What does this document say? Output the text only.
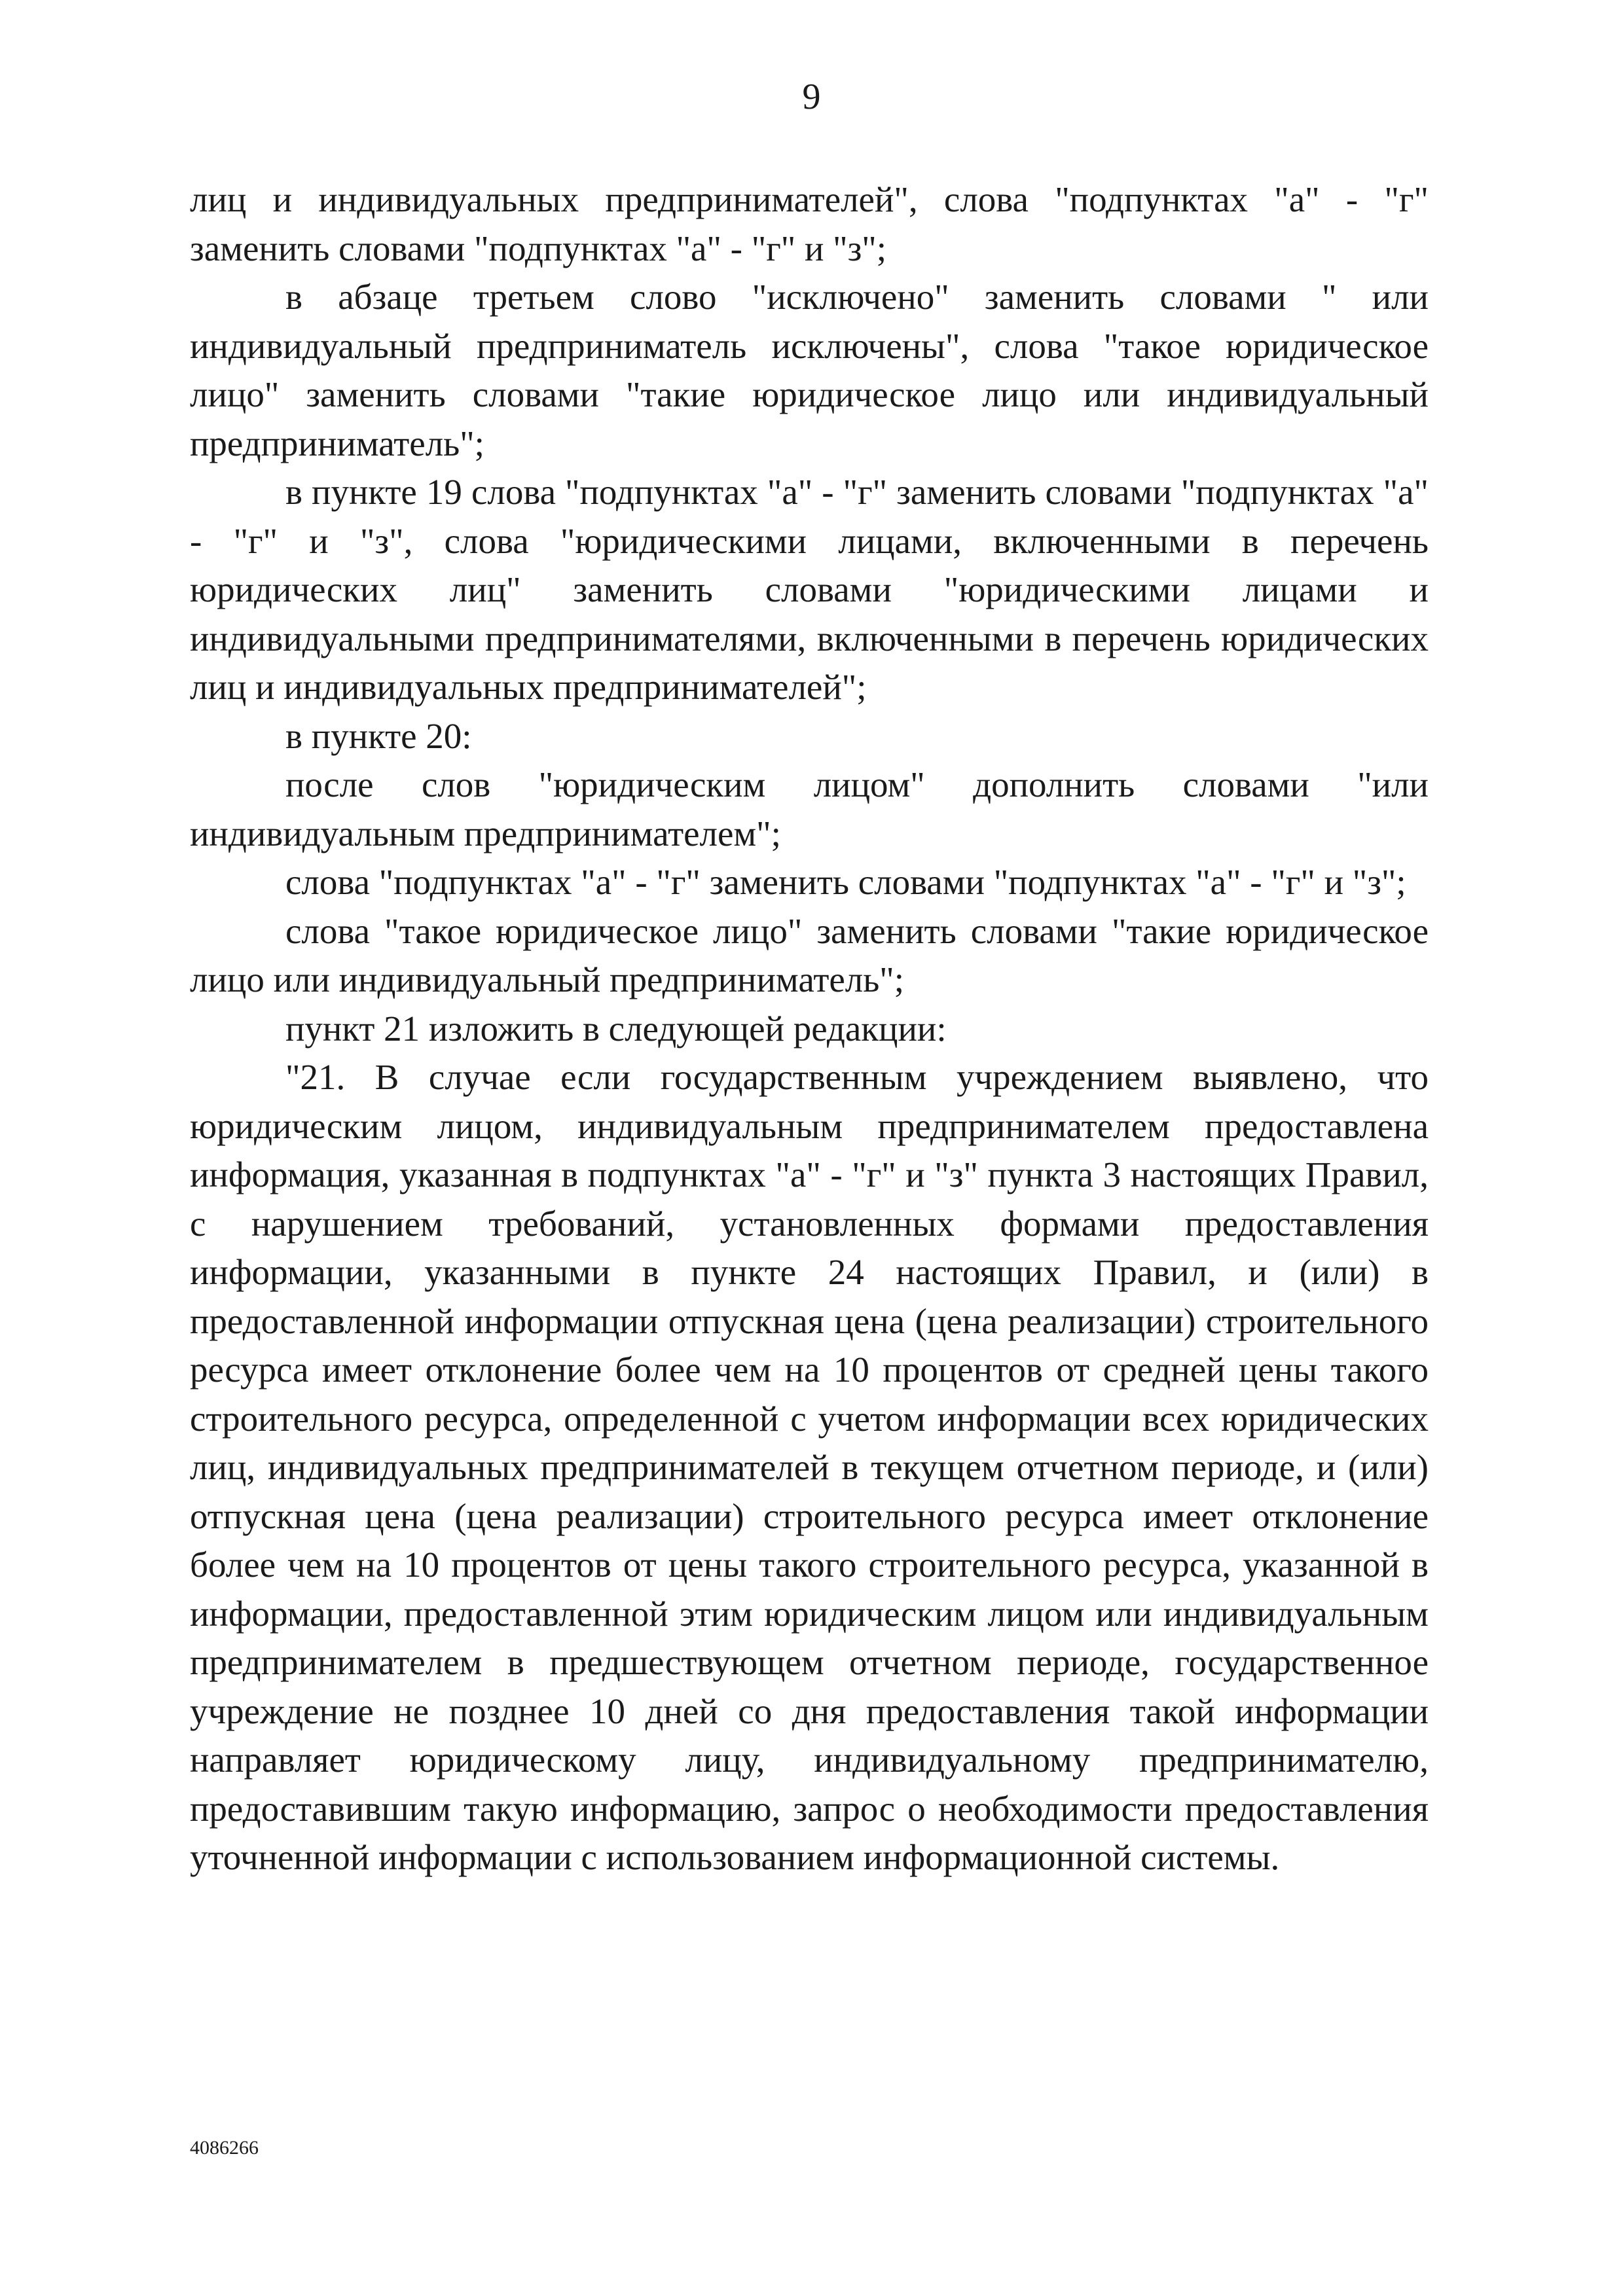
9

лиц и индивидуальных предпринимателей", слова "подпунктах "а" - "г" заменить словами "подпунктах "а" - "г" и "з";

в абзаце третьем слово "исключено" заменить словами " или индивидуальный предприниматель исключены", слова "такое юридическое лицо" заменить словами "такие юридическое лицо или индивидуальный предприниматель";

в пункте 19 слова "подпунктах "а" - "г" заменить словами "подпунктах "а" - "г" и "з", слова "юридическими лицами, включенными в перечень юридических лиц" заменить словами "юридическими лицами и индивидуальными предпринимателями, включенными в перечень юридических лиц и индивидуальных предпринимателей";

в пункте 20:

после слов "юридическим лицом" дополнить словами "или индивидуальным предпринимателем";

слова "подпунктах "а" - "г" заменить словами "подпунктах "а" - "г" и "з";

слова "такое юридическое лицо" заменить словами "такие юридическое лицо или индивидуальный предприниматель";

пункт 21 изложить в следующей редакции:

"21. В случае если государственным учреждением выявлено, что юридическим лицом, индивидуальным предпринимателем предоставлена информация, указанная в подпунктах "а" - "г" и "з" пункта 3 настоящих Правил, с нарушением требований, установленных формами предоставления информации, указанными в пункте 24 настоящих Правил, и (или) в предоставленной информации отпускная цена (цена реализации) строительного ресурса имеет отклонение более чем на 10 процентов от средней цены такого строительного ресурса, определенной с учетом информации всех юридических лиц, индивидуальных предпринимателей в текущем отчетном периоде, и (или) отпускная цена (цена реализации) строительного ресурса имеет отклонение более чем на 10 процентов от цены такого строительного ресурса, указанной в информации, предоставленной этим юридическим лицом или индивидуальным предпринимателем в предшествующем отчетном периоде, государственное учреждение не позднее 10 дней со дня предоставления такой информации направляет юридическому лицу, индивидуальному предпринимателю, предоставившим такую информацию, запрос о необходимости предоставления уточненной информации с использованием информационной системы.

4086266
